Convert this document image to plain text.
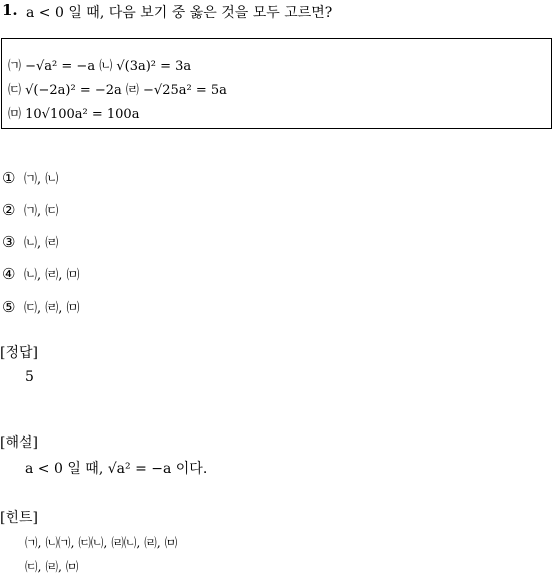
1. a < 0 일 때, 다음 보기 중 옳은 것을 모두 고르면?
㈀ −√a² = −a ㈁ √(3a)² = 3a
㈂ √(−2a)² = −2a ㈃ −√25a² = 5a
㈄ 10√100a² = 100a
① ㈀, ㈁
② ㈀, ㈂
③ ㈁, ㈃
④ ㈁, ㈃, ㈄
⑤ ㈂, ㈃, ㈄
[정답]
5
[해설]
a < 0 일 때, √a² = −a 이다.
[힌트]
㈀, ㈁㈀, ㈂㈁, ㈃㈁, ㈃, ㈄
㈂, ㈃, ㈄
